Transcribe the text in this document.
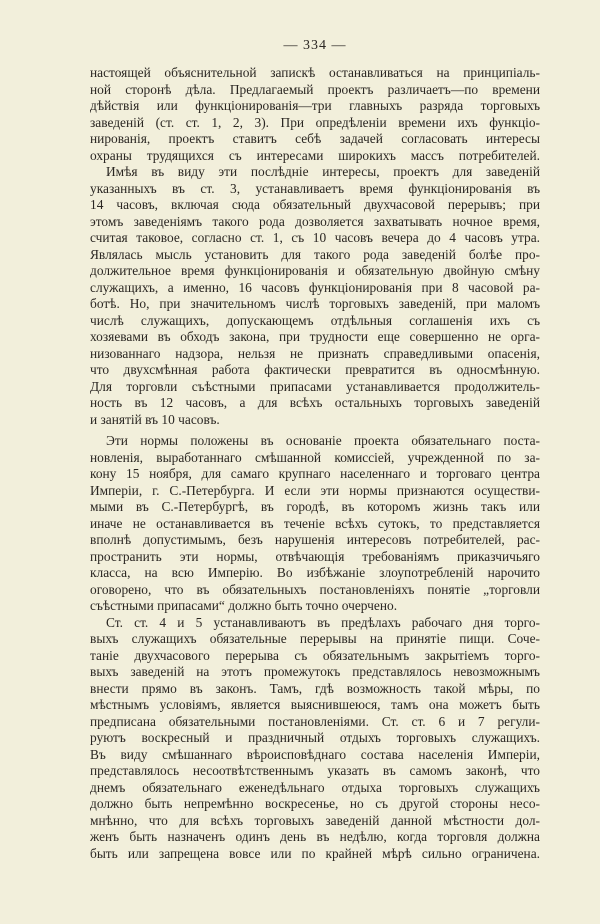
— 334 —
настоящей объяснительной запискѣ останавливаться на принципіаль-
ной сторонѣ дѣла. Предлагаемый проектъ различаетъ—по времени
дѣйствія или функціонированія—три главныхъ разряда торговыхъ
заведеній (ст. ст. 1, 2, 3). При опредѣленіи времени ихъ функціо-
нированія, проектъ ставитъ себѣ задачей согласовать интересы
охраны трудящихся съ интересами широкихъ массъ потребителей.
Имѣя въ виду эти послѣдніе интересы, проектъ для заведеній
указанныхъ въ ст. 3, устанавливаетъ время функціонированія въ
14 часовъ, включая сюда обязательный двухчасовой перерывъ; при
этомъ заведеніямъ такого рода дозволяется захватывать ночное время,
считая таковое, согласно ст. 1, съ 10 часовъ вечера до 4 часовъ утра.
Являлась мысль установить для такого рода заведеній болѣе про-
должительное время функціонированія и обязательную двойную смѣну
служащихъ, а именно, 16 часовъ функціонированія при 8 часовой ра-
ботѣ. Но, при значительномъ числѣ торговыхъ заведеній, при маломъ
числѣ служащихъ, допускающемъ отдѣльныя соглашенія ихъ съ
хозяевами въ обходъ закона, при трудности еще совершенно не орга-
низованнаго надзора, нельзя не признать справедливыми опасенія,
что двухсмѣнная работа фактически превратится въ односмѣнную.
Для торговли съѣстными припасами устанавливается продолжитель-
ность въ 12 часовъ, а для всѣхъ остальныхъ торговыхъ заведеній
и занятій въ 10 часовъ.
Эти нормы положены въ основаніе проекта обязательнаго поста-
новленія, выработаннаго смѣшанной комиссіей, учрежденной по за-
кону 15 ноября, для самаго крупнаго населеннаго и торговаго центра
Имперіи, г. С.-Петербурга. И если эти нормы признаются осуществи-
мыми въ С.-Петербургѣ, въ городѣ, въ которомъ жизнь такъ или
иначе не останавливается въ теченіе всѣхъ сутокъ, то представляется
вполнѣ допустимымъ, безъ нарушенія интересовъ потребителей, рас-
пространить эти нормы, отвѣчающія требованіямъ приказчичьяго
класса, на всю Имперію. Во избѣжаніе злоупотребленій нарочито
оговорено, что въ обязательныхъ постановленіяхъ понятіе „торговли
съѣстными припасами“ должно быть точно очерчено.
Ст. ст. 4 и 5 устанавливаютъ въ предѣлахъ рабочаго дня торго-
выхъ служащихъ обязательные перерывы на принятіе пищи. Соче-
таніе двухчасового перерыва съ обязательнымъ закрытіемъ торго-
выхъ заведеній на этотъ промежутокъ представлялось невозможнымъ
внести прямо въ законъ. Тамъ, гдѣ возможность такой мѣры, по
мѣстнымъ условіямъ, является выяснившеюся, тамъ она можетъ быть
предписана обязательными постановленіями. Ст. ст. 6 и 7 регули-
руютъ воскресный и праздничный отдыхъ торговыхъ служащихъ.
Въ виду смѣшаннаго вѣроисповѣднаго состава населенія Имперіи,
представлялось несоотвѣтственнымъ указать въ самомъ законѣ, что
днемъ обязательнаго еженедѣльнаго отдыха торговыхъ служащихъ
должно быть непремѣнно воскресенье, но съ другой стороны несо-
мнѣнно, что для всѣхъ торговыхъ заведеній данной мѣстности дол-
женъ быть назначенъ одинъ день въ недѣлю, когда торговля должна
быть или запрещена вовсе или по крайней мѣрѣ сильно ограничена.
